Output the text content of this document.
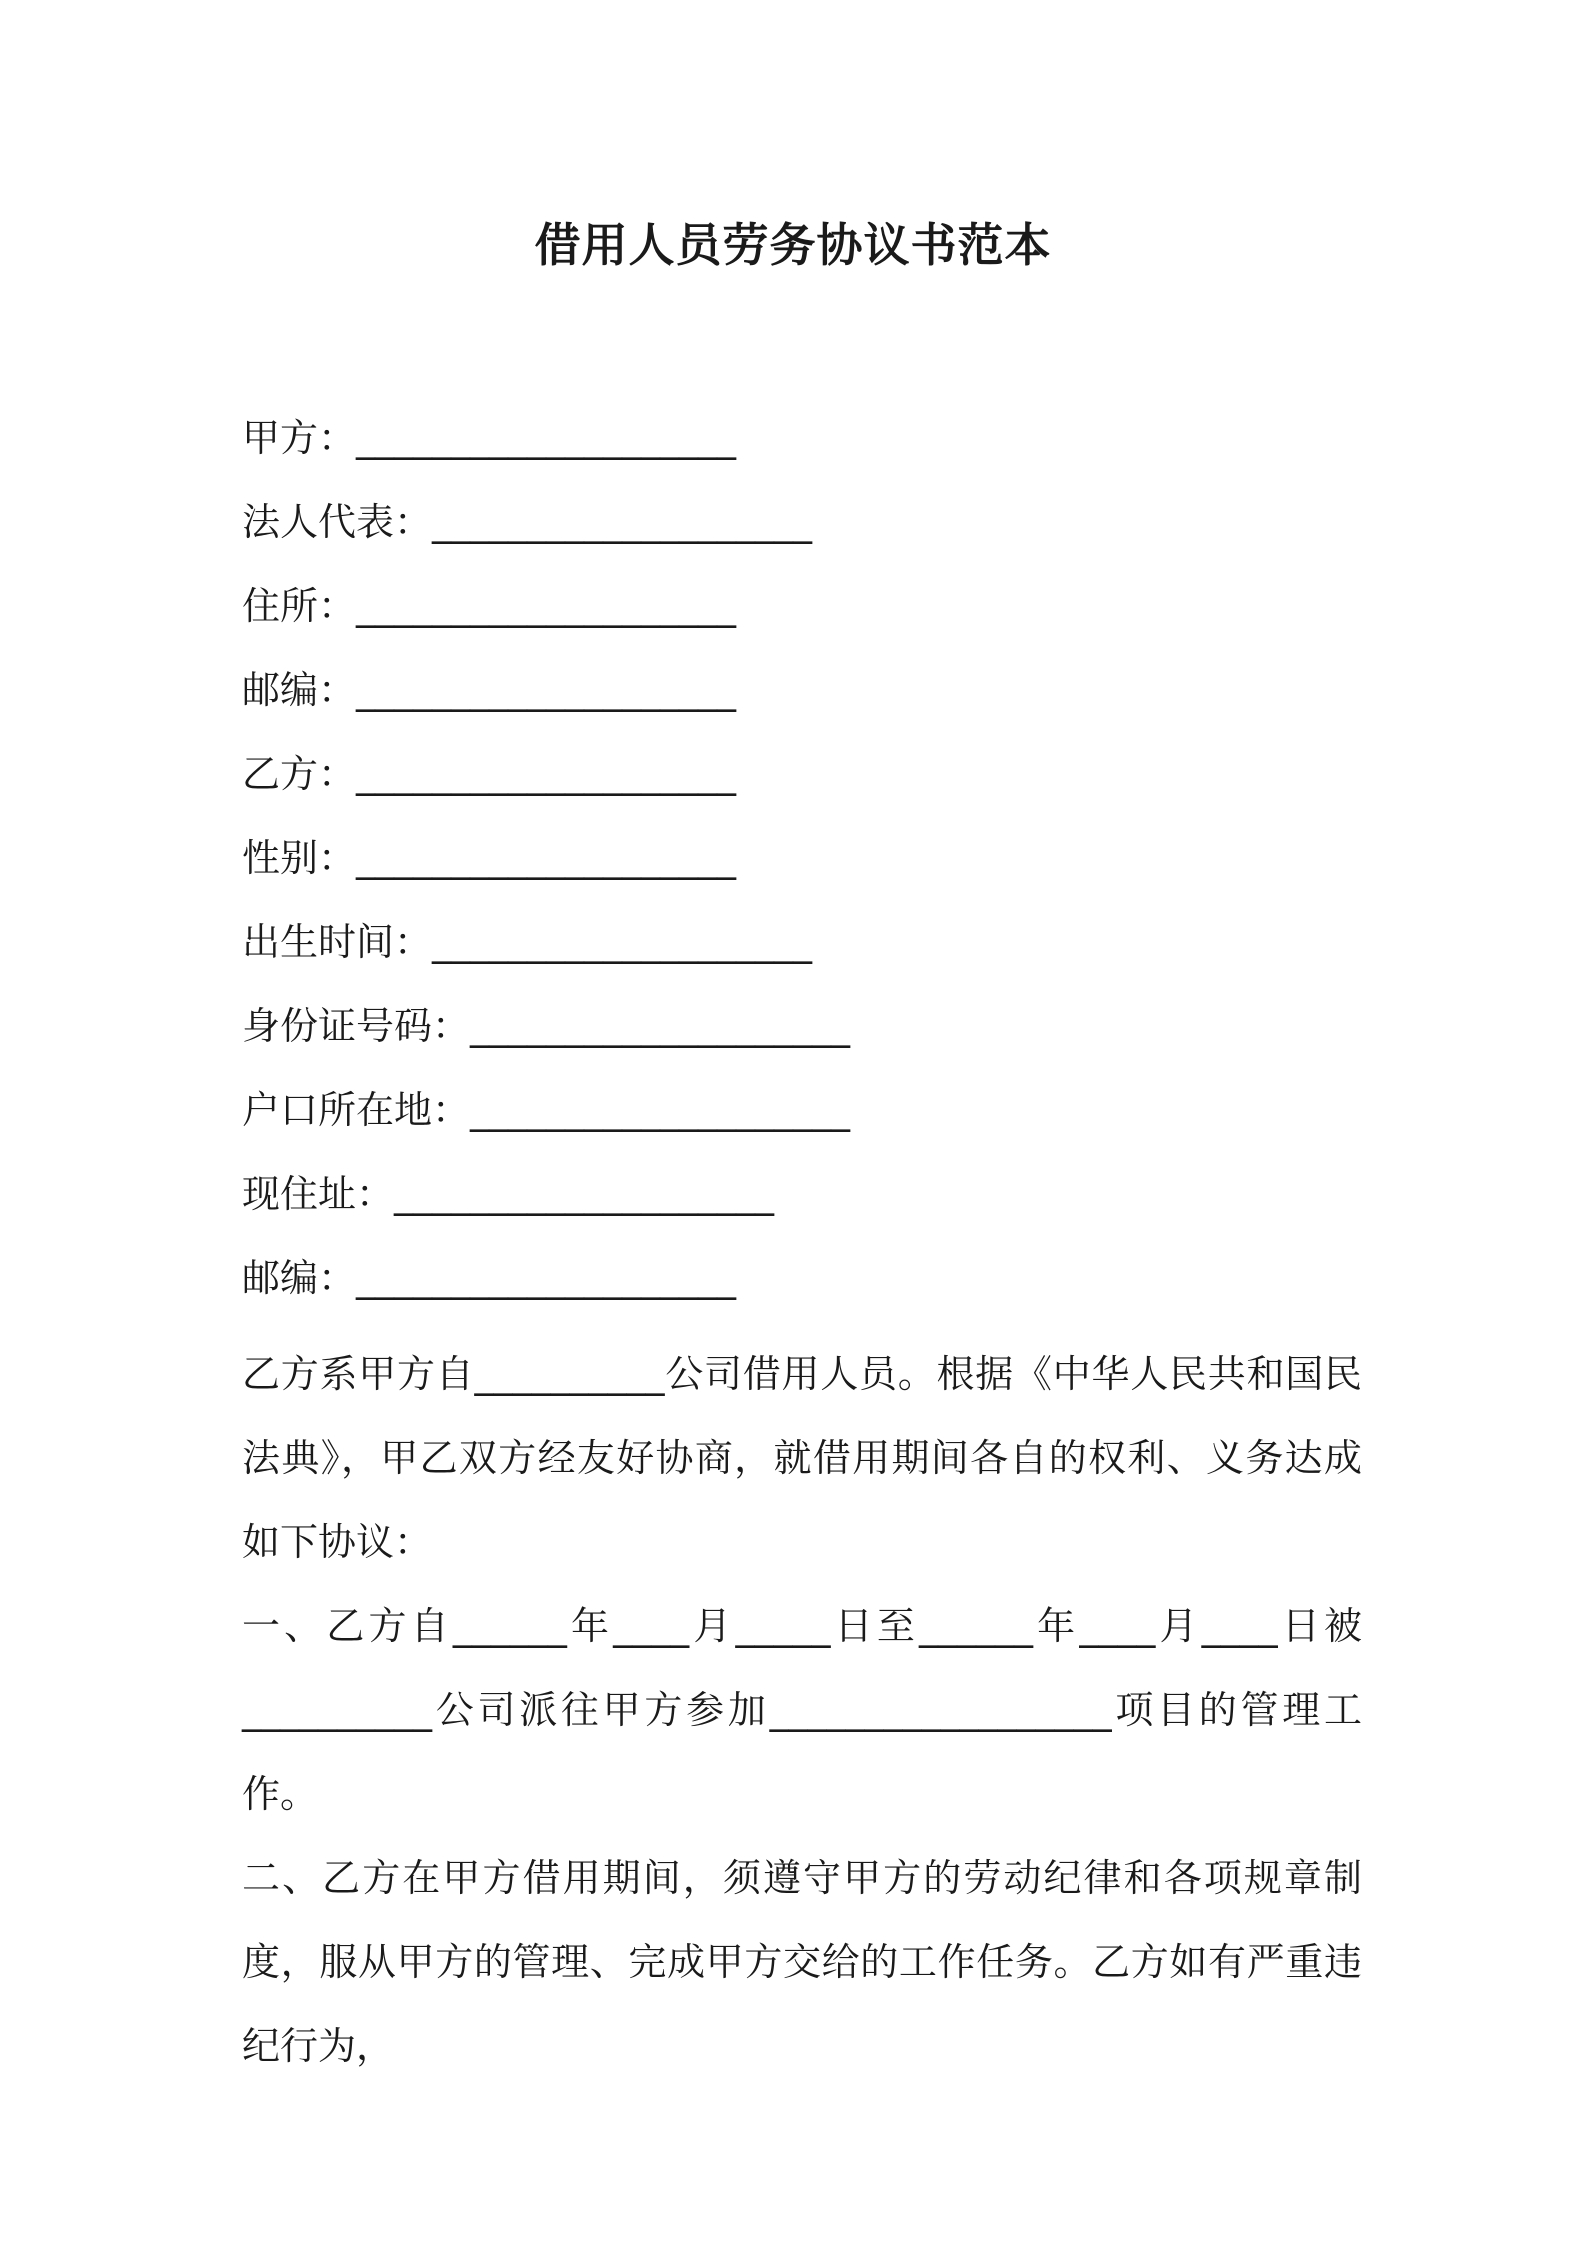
借用人员劳务协议书范本
甲方：____________________
法人代表：____________________
住所：____________________
邮编：____________________
乙方：____________________
性别：____________________
出生时间：____________________
身份证号码：____________________
户口所在地：____________________
现住址：____________________
邮编：____________________

乙方系甲方自__________公司借用人员。根据《中华人民共和国民法典》，甲乙双方经友好协商，就借用期间各自的权利、义务达成如下协议：

一、乙方自______年____月_____日至______年____月____日被__________公司派往甲方参加__________________项目的管理工作。

二、乙方在甲方借用期间，须遵守甲方的劳动纪律和各项规章制度，服从甲方的管理、完成甲方交给的工作任务。乙方如有严重违纪行为，
